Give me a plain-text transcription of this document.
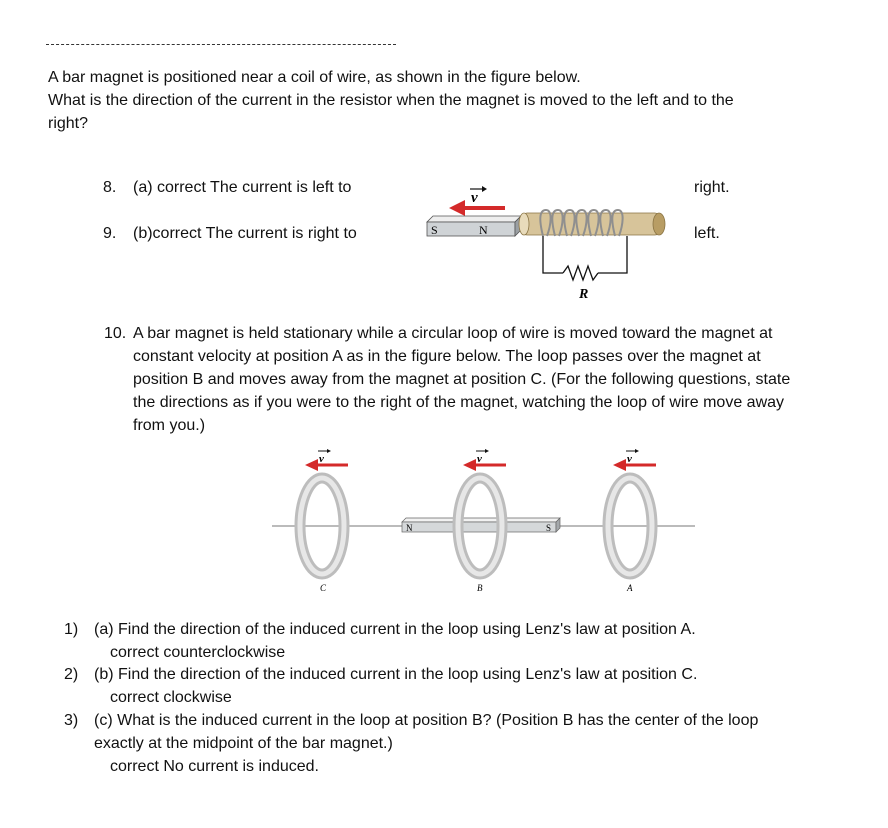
A bar magnet is positioned near a coil of wire, as shown in the figure below.
What is the direction of the current in the resistor when the magnet is moved to the left and to the
right?
8. (a) correct The current is left to	right.
9. (b)correct The current is right to	left.
v
S	N
R
10. A bar magnet is held stationary while a circular loop of wire is moved toward the magnet at
constant velocity at position A as in the figure below. The loop passes over the magnet at
position B and moves away from the magnet at position C. (For the following questions, state
the directions as if you were to the right of the magnet, watching the loop of wire move away
from you.)
N	S
v
C
v
B
v
A
1) (a) Find the direction of the induced current in the loop using Lenz's law at position A.
correct counterclockwise
2) (b) Find the direction of the induced current in the loop using Lenz's law at position C.
correct clockwise
3) (c) What is the induced current in the loop at position B? (Position B has the center of the loop
exactly at the midpoint of the bar magnet.)
correct No current is induced.
